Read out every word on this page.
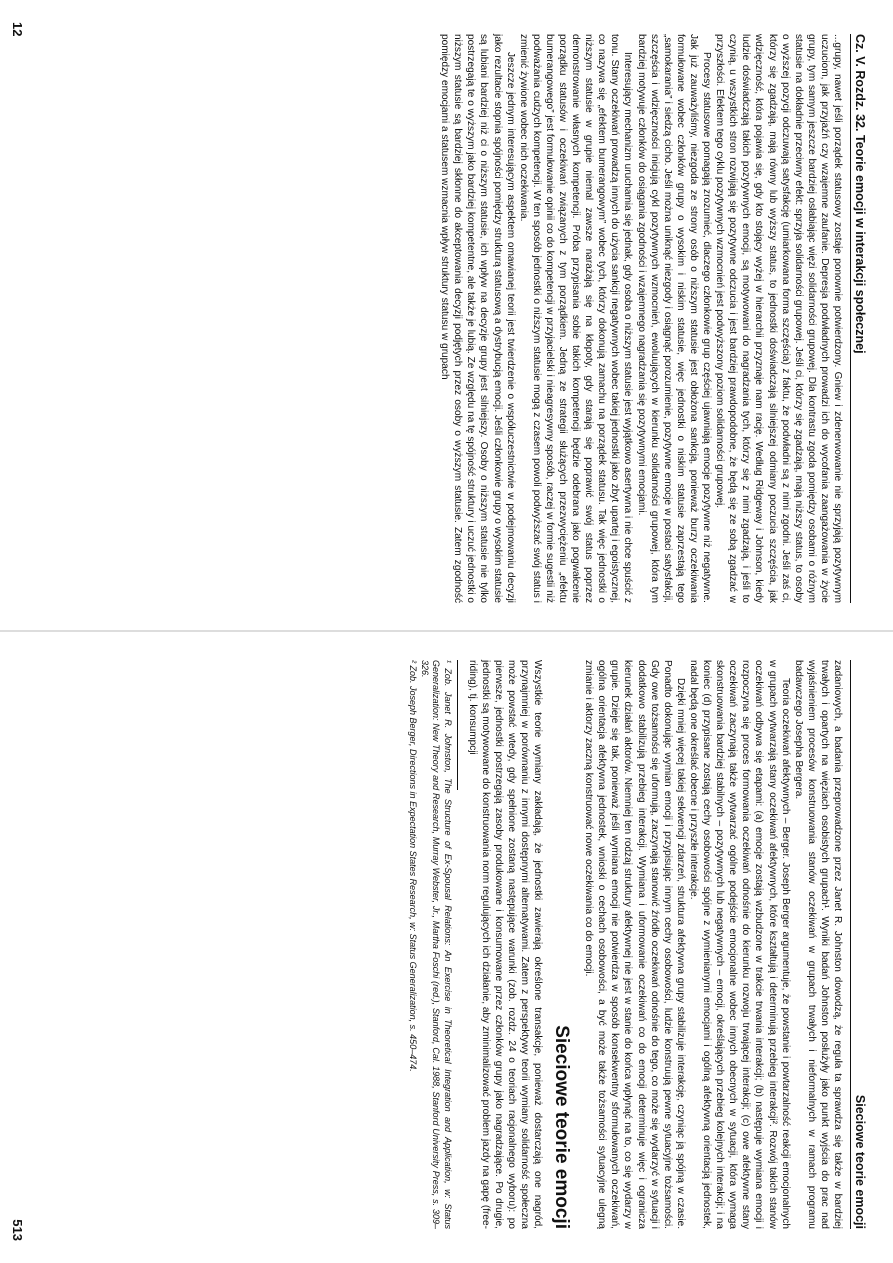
Cz. V. Rozdz. 32. Teorie emocji w interakcji społecznej

...grupy, nawet jeśli porządek statusowy zostaje ponownie potwierdzony. Gniew i zdenerwowanie nie sprzyjają pozytywnym uczuciom, jak przyjaźń czy wzajemne zaufanie. Depresja podwładnych prowadzi ich do wycofania zaangażowania w życie grupy, tym samym jeszcze bardziej osłabiając więzi solidarności grupowej. Dla kontrastu zgoda pomiędzy osobami o różnym statusie na dokładnie przeciwny efekt: sprzyja solidarności grupowej. Jeśli ci, którzy się zgadzają, mają niższy status, to osoby o wyższej pozycji odczuwają satysfakcję (umiarkowana forma szczęścia) z faktu, że podwładni są z nimi zgodni. Jeśli zaś ci, którzy się zgadzają, mają równy lub wyższy status, to jednostki doświadczają silniejszej odmiany poczucia szczęścia, jak wdzięczność, która pojawia się, gdy kto stojący wyżej w hierarchii przyznaje nam rację. Według Ridgeway i Johnson, kiedy ludzie doświadczają takich pozytywnych emocji, są motywowani do nagradzania tych, którzy się z nimi zgadzają, i jeśli to czynią, u wszystkich stron rozwijają się pozytywne odczucia i jest bardziej prawdopodobne, że będą się ze sobą zgadzać w przyszłości. Efektem tego cyklu pozytywnych wzmocnień jest podwyższony poziom solidarności grupowej.

Procesy statusowe pomagają zrozumieć, dlaczego członkowie grup częściej ujawniają emocje pozytywne niż negatywne. Jak już zauważyliśmy, niezgoda ze strony osób o niższym statusie jest obłożona sankcją, ponieważ burzy oczekiwania formułowane wobec członków grupy o wysokim i niskim statusie, więc jednostki o niskim statusie zaprzestają tego „samokarania” i siedzą cicho. Jeśli można uniknąć niezgody i osiągnąć porozumienie, pozytywne emocje w postaci satysfakcji, szczęścia i wdzięczności inicjują cykl pozytywnych wzmocnień, ewoluujących w kierunku solidarności grupowej, która tym bardziej motywuje członków do osiągania zgodności i wzajemnego nagradzania się pozytywnymi emocjami.

Interesujący mechanizm uruchamia się jednak, gdy osoba o niższym statusie jest wyjątkowo asertywna i nie chce spuścić z tonu. Stany oczekiwań prowadzą innych do użycia sankcji negatywnych wobec takiej jednostki jako zbyt upartej i egoistycznej, co nazywa się „efektem bumerangowym” wobec tych, którzy dokonują zamachu na porządek statusu. Tak więc jednostki o niższym statusie w grupie niemal zawsze narażają się na kłopoty, gdy starają się poprawić swój status poprzez demonstrowanie własnych kompetencji. Próba przypisania sobie takich kompetencji będzie odebrana jako pogwałcenie porządku statusów i oczekiwań związanych z tym porządkiem. Jedną ze strategii służących przezwyciężeniu „efektu bumerangowego” jest formułowanie opinii co do kompetencji w przyjacielski i nieagresywny sposób, raczej w formie sugestii niż podważania cudzych kompetencji. W ten sposób jednostki o niższym statusie mogą z czasem powoli podwyższać swój status i zmienić żywione wobec nich oczekiwania.

Jeszcze jednym interesującym aspektem omawianej teorii jest twierdzenie o współuczestnictwie w podejmowaniu decyzji jako rezultacie stopnia spójności pomiędzy strukturą statusową a dystrybucją emocji. Jeśli członkowie grupy o wysokim statusie są lubiani bardziej niż ci o niższym statusie, ich wpływ na decyzje grupy jest silniejszy. Osoby o niższym statusie nie tylko postrzegają te o wyższym jako bardziej kompetentne, ale także je lubią. Ze względu na tę spójność struktury i uczuć jednostki o niższym statusie są bardziej skłonne do akceptowania decyzji podjętych przez osoby o wyższym statusie. Zatem zgodność pomiędzy emocjami a statusem wzmacnia wpływ struktury statusu w grupach

12
Sieciowe teorie emocji

zadaniowych, a badania przeprowadzone przez Janet R. Johnston dowodzą, że reguła ta sprawdza się także w bardziej trwałych i opartych na więziach osobistych grupach¹. Wyniki badań Johnston posłużyły jako punkt wyjścia do prac nad wyjaśnieniem procesów konstruowania stanów oczekiwań w grupach trwałych i nieformalnych w ramach programu badawczego Josepha Bergera.

Teoria oczekiwań afektywnych – Berger. Joseph Berger argumentuje, że powstanie i powtarzalność reakcji emocjonalnych w grupach wytwarzają stany oczekiwań afektywnych, które kształtują i determinują przebieg interakcji². Rozwój takich stanów oczekiwań odbywa się etapami: (a) emocje zostają wzbudzone w trakcie trwania interakcji; (b) następuje wymiana emocji i rozpoczyna się proces formowania oczekiwań odnośnie do kierunku rozwoju trwającej interakcji; (c) owe afektywne stany oczekiwań zaczynają także wytwarzać ogólne podejście emocjonalne wobec innych obecnych w sytuacji, która wymaga skonstruowania bardziej stabilnych – pozytywnych lub negatywnych – emocji, określających przebieg kolejnych interakcji; i na koniec (d) przypisane zostają cechy osobowości spójne z wymienianymi emocjami i ogólną afektywną orientacją jednostek, nadal będą one określać obecne i przyszłe interakcje.

Dzięki mniej więcej takiej sekwencji zdarzeń, struktura afektywna grupy stabilizuje interakcję, czyniąc ją spójną w czasie. Ponadto dokonując wymian emocji i przypisując innym cechy osobowości, ludzie konstruują pewne sytuacyjne tożsamości. Gdy owe tożsamości się uformują, zaczynają stanowić źródło oczekiwań odnośnie do tego, co może się wydarzyć w sytuacji i dodatkowo stabilizują przebieg interakcji. Wymiana i uformowanie oczekiwań co do emocji determinuje więc i ogranicza kierunek działań aktorów. Niemniej ten rodzaj struktury afektywnej nie jest w stanie do końca wpłynąć na to, co się wydarzy w grupie. Dzieje się tak, ponieważ jeśli wymiana emocji nie potwierdza w sposób konsekwentny sformułowanych oczekiwań, ogólna orientacja afektywna jednostek, wnioski o cechach osobowości, a być może także tożsamości sytuacyjne ulegną zmianie i aktorzy zaczną konstruować nowe oczekiwania co do emocji.

Sieciowe teorie emocji

Wszystkie teorie wymiany zakładają, że jednostki zawierają określone transakcje, ponieważ dostarczają one nagród, przynajmniej w porównaniu z innymi dostępnymi alternatywami. Zatem z perspektywy teorii wymiany solidarność społeczna może powstać wtedy, gdy spełnione zostaną następujące warunki (zob. rozdz. 24 o teoriach racjonalnego wyboru): po pierwsze, jednostki postrzegają zasoby produkowane i konsumowane przez członków grupy jako nagradzające. Po drugie, jednostki są motywowane do konstruowania norm regulujących ich działanie, aby zminimalizować problem jazdy na gapę (free-riding), tj. konsumpcji

¹ Zob. Janet R. Johnston, The Structure of Ex-Spousal Relations: An Exercise in Theoretical Integration and Application, w: Status Generalization: New Theory and Research, Murray Webster, Jr., Martha Foschi (red.), Stanford, Cal. 1988, Stanford University Press, s. 309–326.

² Zob. Joseph Berger, Directions in Expectation States Research, w: Status Generalization, s. 450–474.

513
